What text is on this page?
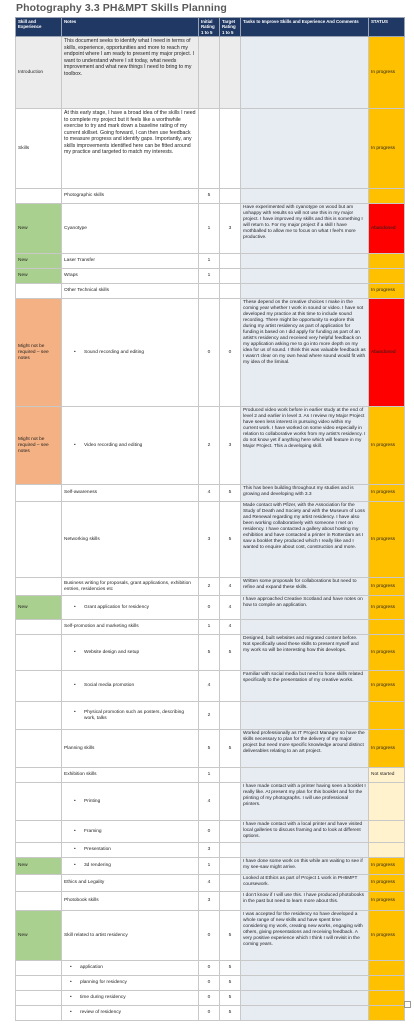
Photography 3.3 PH&MPT Skills Planning
Skill and Experience	Notes	Initial Rating 1 to 5	Target Rating 1 to 5	Tasks to Improve Skills and Experience And Comments	STATUS
Introduction	This document seeks to identify what I need in terms of skills, experience, opportunities and more to reach my endpoint where I am ready to present my major project. I want to understand where I sit today, what needs improvement and what new things I need to bring to my toolbox.				In progress
Skills	At this early stage, I have a broad idea of the skills I need to complete my project but it feels like a worthwhile exercise to try and mark down a baseline rating of my current skillset. Going forward, I can then use feedback to measure progress and identify gaps. Importantly, any skills improvements identified here can be fitted around my practice and targeted to match my interests.				In progress
	Photographic skills	5			
New	Cyanotype	1	3	Have experimented with cyanotype on wood but am unhappy with results so will not use this in my major project. I have improved my skills and this is something I will return to. For my major project if a skill I have mothballed to allow me to focus on what I feel’s more productive.	Abandoned
New	Laser Transfer	1			
New	Wraps	1			
	Other Technical skills				In progress
Might not be required – see notes	• Sound recording and editing	0	0	These depend on the creative choices I make in the coming year whether I work in sound or video. I have not developed my practice at this time to include sound recording. There might be opportunity to explore this during my artist residency as part of application for funding is based on I did apply for funding as part of an artist’s residency and received very helpful feedback on my application asking me to go into more depth on my idea for us of sound. I think this was valuable feedback as I wasn’t clear on my own head where sound would fit with my idea of the liminal.	Abandoned
Might not be required – see notes	• Video recording and editing	2	3	Produced video work before in earlier study at the end of level 2 and earlier in level 3. As I review my Major Project have seen less interest in pursuing video within my current work. I have worked on some video especially in relation to collaborative works from my artist’s residency. I do not know yet if anything here which will feature in my Major Project. This a developing skill.	In progress
	Self-awareness	4	5	This has been building throughout my studies and is growing and developing with 3.3	In progress
	Networking skills	3	5	Made contact with Pfizer, with the Association for the Study of Death and Society and with the Museum of Loss and Renewal regarding my artist residency. I have also been working collaboratively with someone I met on residency. I have contacted a gallery about hosting my exhibition and have contacted a printer in Rotterdam as I saw a booklet they produced which I really like and I wanted to enquire about cost, construction and more.	In progress
	Business writing for proposals, grant applications, exhibition entries, residencies etc	2	4	Written some proposals for collaborations but need to refine and expand these skills.	In progress
New	• Grant application for residency	0	4	I have approached Creative Scotland and have notes on how to compile an application.	In progress
	Self-promotion and marketing skills	1	4		
	• Website design and setup	5	5	Designed, built websites and migrated content before. Not specifically used these skills to present myself and my work so will be interesting how this develops.	In progress
	• Social media promotion	4		Familiar with social media but need to hone skills related specifically to the presentation of my creative works.	In progress
	• Physical promotion such as posters, describing work, talks	2			
	Planning skills	5	5	Worked professionally as IT Project Manager so have the skills necessary to plan for the delivery of my major project but need more specific knowledge around distinct deliverables relating to an art project.	In progress
	Exhibition skills	1			Not started
	• Printing	4		I have made contact with a printer having seen a booklet I really like. At present my plan for this booklet and for the printing of my photographs. I will use professional printers.	
	• Framing	0		I have made contact with a local printer and have visited local galleries to discuss framing and to look at different options.	
	• Presentation	3			
New	• 3d rendering	1		I have done some work on this while am waiting to see if my see-saw might arrive.	In progress
	Ethics and Legality	4		Looked at Ethics as part of Project 1 work in PH6MPT coursework.	In progress
	Photobook skills	3		I don’t know if I will use this. I have produced photobooks in the past but need to learn more about this.	In progress
New	Skill related to artist residency	0	5	I was accepted for the residency so have developed a whole range of new skills and have spent time considering my work, creating new works, engaging with others, giving presentations and receiving feedback. A very positive experience which I think I will revisit in the coming years.	In progress
	• application	0	5		
	• planning for residency	0	5		
	• time during residency	0	5		
	• review of residency	0	5		
